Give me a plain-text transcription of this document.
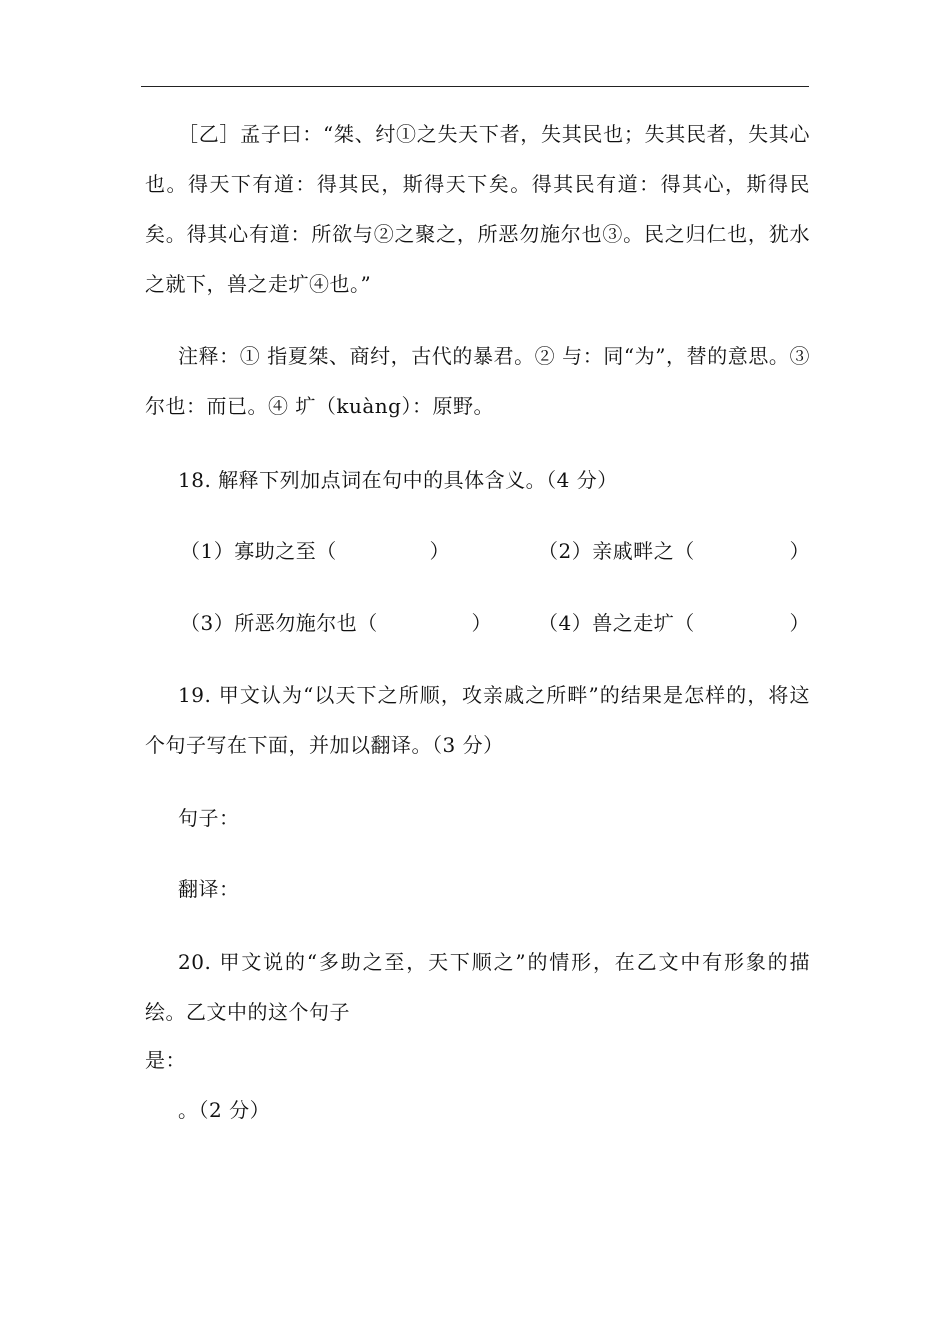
［乙］孟子曰：“桀、纣①之失天下者，失其民也；失其民者，失其心也。得天下有道：得其民，斯得天下矣。得其民有道：得其心，斯得民矣。得其心有道：所欲与②之聚之，所恶勿施尔也③。民之归仁也，犹水之就下，兽之走圹④也。”
注释：① 指夏桀、商纣，古代的暴君。② 与：同“为”，替的意思。③ 尔也：而已。④ 圹（kuàng）：原野。
18. 解释下列加点词在句中的具体含义。（4 分）
（1）寡助之至（	）	（2）亲戚畔之（	）
（3）所恶勿施尔也（	） （4）兽之走圹（	）
19. 甲文认为“以天下之所顺，攻亲戚之所畔”的结果是怎样的，将这个句子写在下面，并加以翻译。（3 分）
句子：
翻译：
20. 甲文说的“多助之至，天下顺之”的情形，在乙文中有形象的描绘。乙文中的这个句子
是：
。（2 分）
